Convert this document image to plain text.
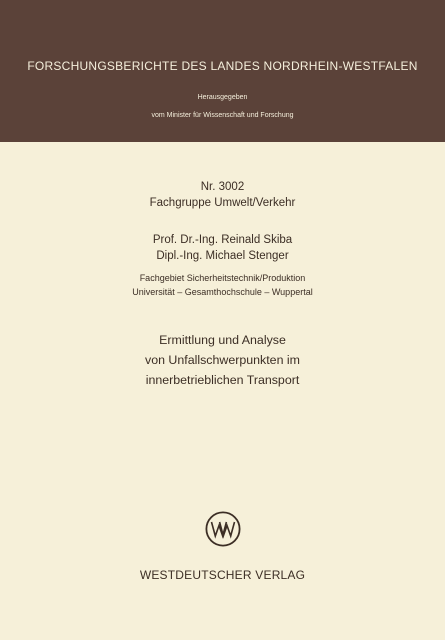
FORSCHUNGSBERICHTE DES LANDES NORDRHEIN-WESTFALEN
Herausgegeben
vom Minister für Wissenschaft und Forschung
Nr. 3002
Fachgruppe Umwelt/Verkehr
Prof. Dr.-Ing. Reinald Skiba
Dipl.-Ing. Michael Stenger
Fachgebiet Sicherheitstechnik/Produktion
Universität – Gesamthochschule – Wuppertal
Ermittlung und Analyse
von Unfallschwerpunkten im
innerbetrieblichen Transport
WESTDEUTSCHER VERLAG
